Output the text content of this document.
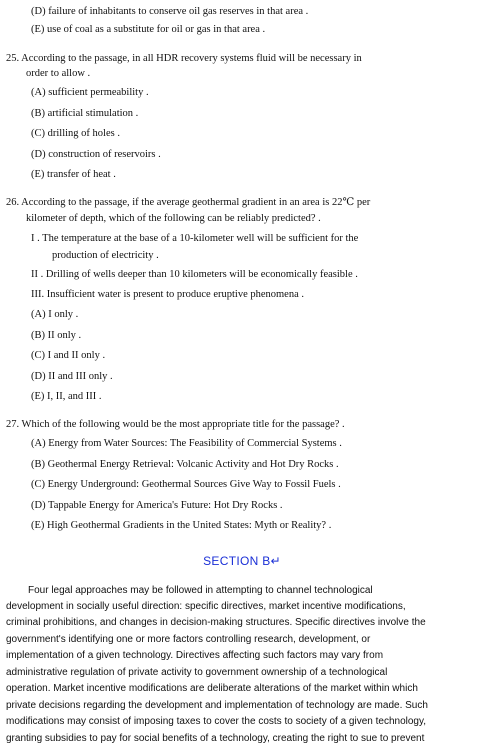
(D) failure of inhabitants to conserve oil gas reserves in that area .
(E) use of coal as a substitute for oil or gas in that area .
25. According to the passage, in all HDR recovery systems fluid will be necessary in
order to allow .
(A) sufficient permeability .
(B) artificial stimulation .
(C) drilling of holes .
(D) construction of reservoirs .
(E) transfer of heat .
26. According to the passage, if the average geothermal gradient in an area is 22℃ per
kilometer of depth, which of the following can be reliably predicted? .
I . The temperature at the base of a 10-kilometer well will be sufficient for the
production of electricity .
II . Drilling of wells deeper than 10 kilometers will be economically feasible .
III. Insufficient water is present to produce eruptive phenomena .
(A) I only .
(B) II only .
(C) I and II only .
(D) II and III only .
(E) I, II, and III .
27. Which of the following would be the most appropriate title for the passage? .
(A) Energy from Water Sources: The Feasibility of Commercial Systems .
(B) Geothermal Energy Retrieval: Volcanic Activity and Hot Dry Rocks .
(C) Energy Underground: Geothermal Sources Give Way to Fossil Fuels .
(D) Tappable Energy for America's Future: Hot Dry Rocks .
(E) High Geothermal Gradients in the United States: Myth or Reality? .
SECTION B↵
Four legal approaches may be followed in attempting to channel technological
development in socially useful direction: specific directives, market incentive modifications,
criminal prohibitions, and changes in decision-making structures. Specific directives involve the
government's identifying one or more factors controlling research, development, or
implementation of a given technology. Directives affecting such factors may vary from
administrative regulation of private activity to government ownership of a technological
operation. Market incentive modifications are deliberate alterations of the market within which
private decisions regarding the development and implementation of technology are made. Such
modifications may consist of imposing taxes to cover the costs to society of a given technology,
granting subsidies to pay for social benefits of a technology, creating the right to sue to prevent
